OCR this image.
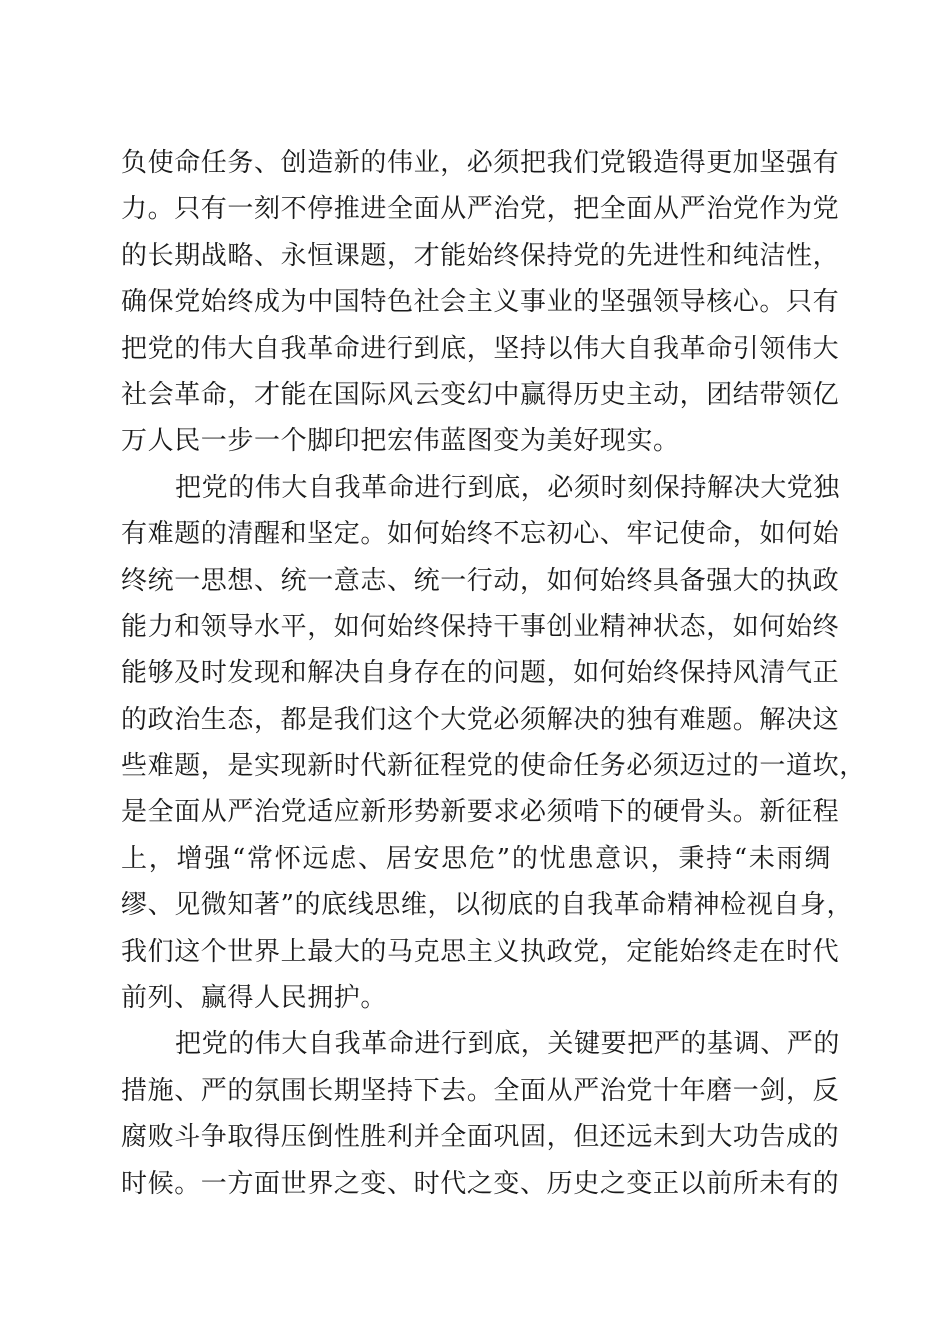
负使命任务、创造新的伟业，必须把我们党锻造得更加坚强有
力。只有一刻不停推进全面从严治党，把全面从严治党作为党
的长期战略、永恒课题，才能始终保持党的先进性和纯洁性，
确保党始终成为中国特色社会主义事业的坚强领导核心。只有
把党的伟大自我革命进行到底，坚持以伟大自我革命引领伟大
社会革命，才能在国际风云变幻中赢得历史主动，团结带领亿
万人民一步一个脚印把宏伟蓝图变为美好现实。

把党的伟大自我革命进行到底，必须时刻保持解决大党独
有难题的清醒和坚定。如何始终不忘初心、牢记使命，如何始
终统一思想、统一意志、统一行动，如何始终具备强大的执政
能力和领导水平，如何始终保持干事创业精神状态，如何始终
能够及时发现和解决自身存在的问题，如何始终保持风清气正
的政治生态，都是我们这个大党必须解决的独有难题。解决这
些难题，是实现新时代新征程党的使命任务必须迈过的一道坎，
是全面从严治党适应新形势新要求必须啃下的硬骨头。新征程
上，增强“常怀远虑、居安思危”的忧患意识，秉持“未雨绸
缪、见微知著”的底线思维，以彻底的自我革命精神检视自身，
我们这个世界上最大的马克思主义执政党，定能始终走在时代
前列、赢得人民拥护。

把党的伟大自我革命进行到底，关键要把严的基调、严的
措施、严的氛围长期坚持下去。全面从严治党十年磨一剑，反
腐败斗争取得压倒性胜利并全面巩固，但还远未到大功告成的
时候。一方面世界之变、时代之变、历史之变正以前所未有的
